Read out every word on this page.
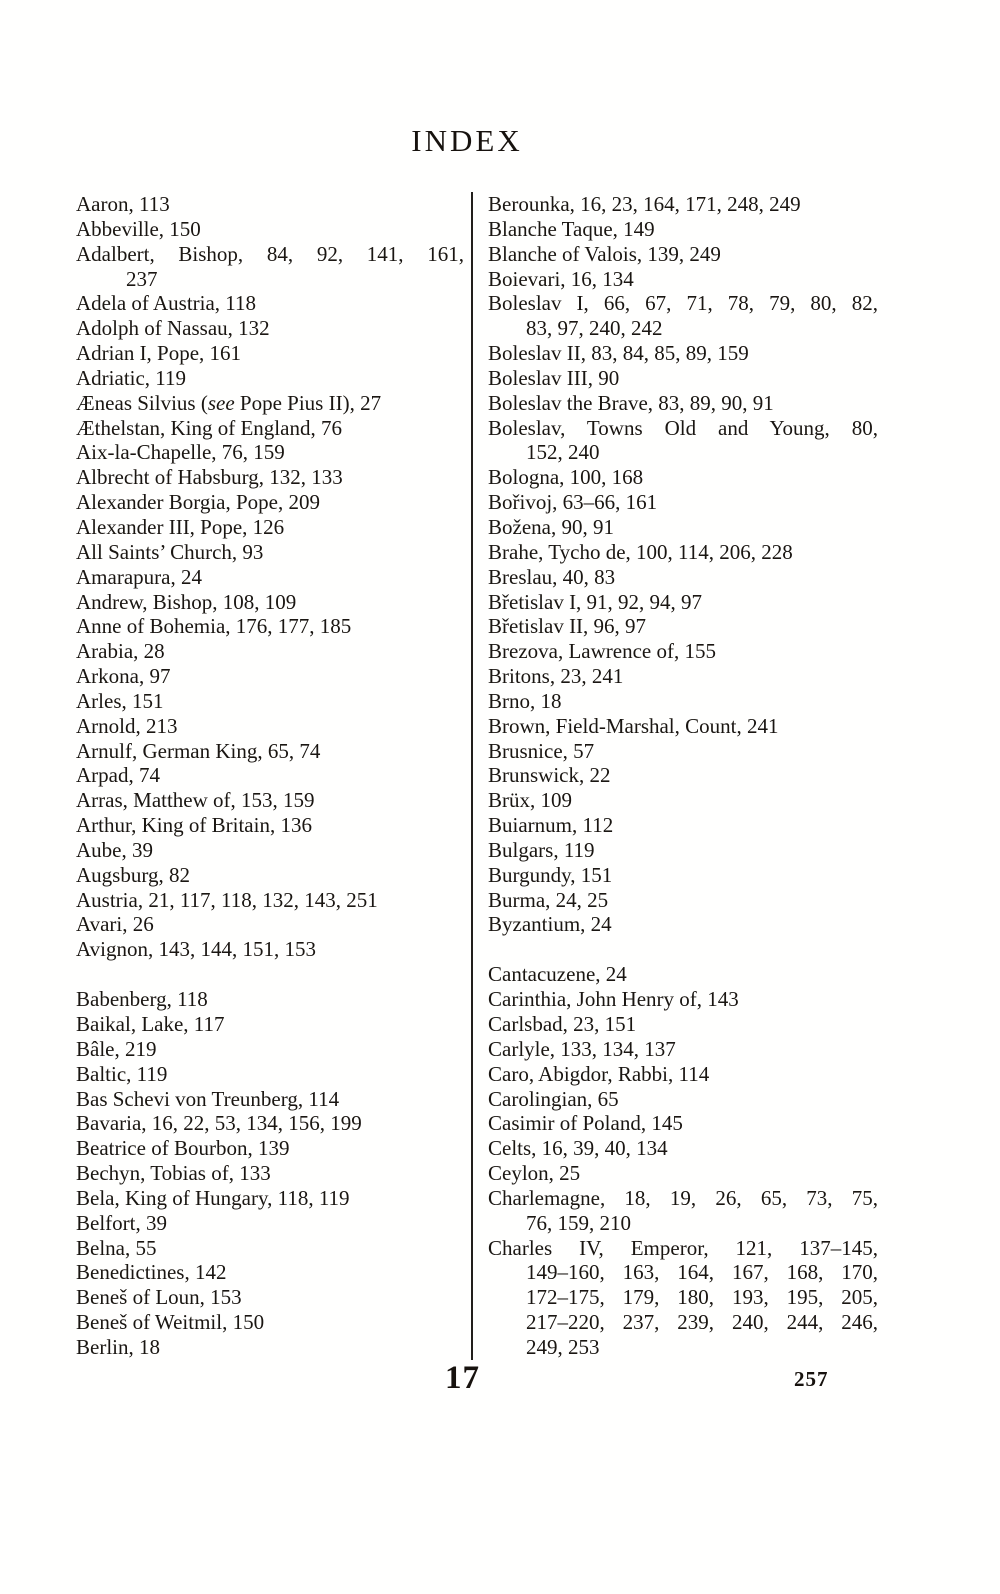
INDEX
Aaron, 113
Abbeville, 150
Adalbert, Bishop, 84, 92, 141, 161,
237
Adela of Austria, 118
Adolph of Nassau, 132
Adrian I, Pope, 161
Adriatic, 119
Æneas Silvius (see Pope Pius II), 27
Æthelstan, King of England, 76
Aix-la-Chapelle, 76, 159
Albrecht of Habsburg, 132, 133
Alexander Borgia, Pope, 209
Alexander III, Pope, 126
All Saints’ Church, 93
Amarapura, 24
Andrew, Bishop, 108, 109
Anne of Bohemia, 176, 177, 185
Arabia, 28
Arkona, 97
Arles, 151
Arnold, 213
Arnulf, German King, 65, 74
Arpad, 74
Arras, Matthew of, 153, 159
Arthur, King of Britain, 136
Aube, 39
Augsburg, 82
Austria, 21, 117, 118, 132, 143, 251
Avari, 26
Avignon, 143, 144, 151, 153
Babenberg, 118
Baikal, Lake, 117
Bâle, 219
Baltic, 119
Bas Schevi von Treunberg, 114
Bavaria, 16, 22, 53, 134, 156, 199
Beatrice of Bourbon, 139
Bechyn, Tobias of, 133
Bela, King of Hungary, 118, 119
Belfort, 39
Belna, 55
Benedictines, 142
Beneš of Loun, 153
Beneš of Weitmil, 150
Berlin, 18
Berounka, 16, 23, 164, 171, 248, 249
Blanche Taque, 149
Blanche of Valois, 139, 249
Boievari, 16, 134
Boleslav I, 66, 67, 71, 78, 79, 80, 82,
83, 97, 240, 242
Boleslav II, 83, 84, 85, 89, 159
Boleslav III, 90
Boleslav the Brave, 83, 89, 90, 91
Boleslav, Towns Old and Young, 80,
152, 240
Bologna, 100, 168
Bořivoj, 63–66, 161
Božena, 90, 91
Brahe, Tycho de, 100, 114, 206, 228
Breslau, 40, 83
Břetislav I, 91, 92, 94, 97
Břetislav II, 96, 97
Brezova, Lawrence of, 155
Britons, 23, 241
Brno, 18
Brown, Field-Marshal, Count, 241
Brusnice, 57
Brunswick, 22
Brüx, 109
Buiarnum, 112
Bulgars, 119
Burgundy, 151
Burma, 24, 25
Byzantium, 24
Cantacuzene, 24
Carinthia, John Henry of, 143
Carlsbad, 23, 151
Carlyle, 133, 134, 137
Caro, Abigdor, Rabbi, 114
Carolingian, 65
Casimir of Poland, 145
Celts, 16, 39, 40, 134
Ceylon, 25
Charlemagne, 18, 19, 26, 65, 73, 75,
76, 159, 210
Charles IV, Emperor, 121, 137–145,
149–160, 163, 164, 167, 168, 170,
172–175, 179, 180, 193, 195, 205,
217–220, 237, 239, 240, 244, 246,
249, 253
17	257
